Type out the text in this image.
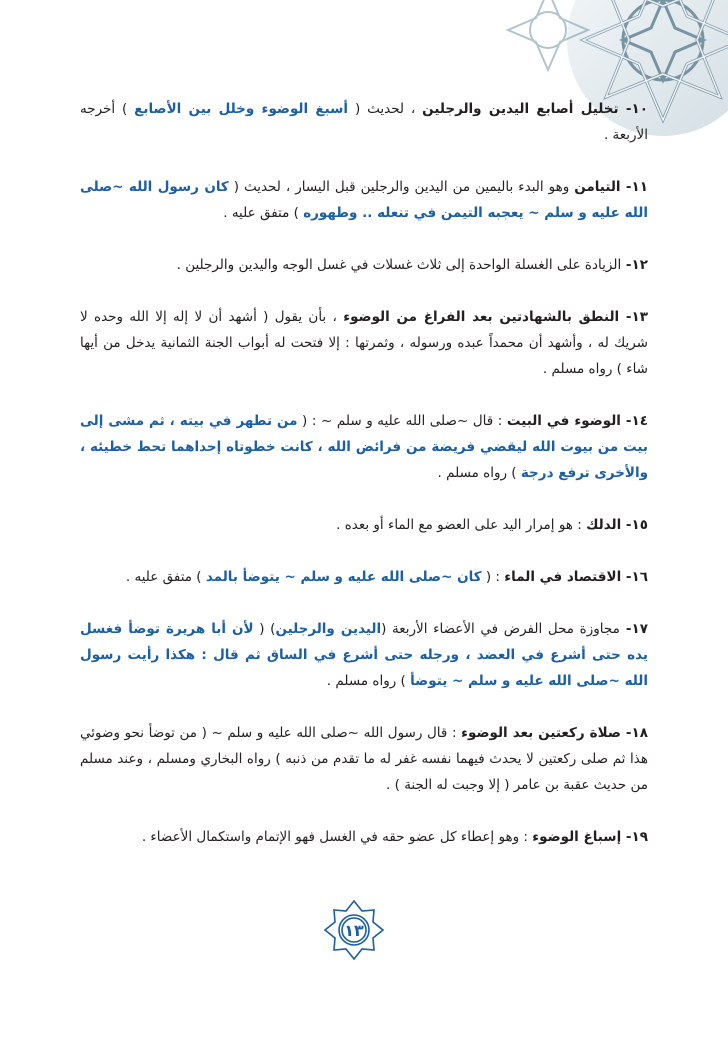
١٠- تخليل أصابع اليدين والرجلين ، لحديث ( أسبغ الوضوء وخلل بين الأصابع ) أخرجه الأربعة .
١١- التيامن وهو البدء باليمين من اليدين والرجلين قبل اليسار ، لحديث ( كان رسول الله ~صلى الله عليه و سلم ~ يعجبه التيمن في تنعله .. وطهوره ) متفق عليه .
١٢- الزيادة على الغسلة الواحدة إلى ثلاث غسلات في غسل الوجه واليدين والرجلين .
١٣- النطق بالشهادتين بعد الفراغ من الوضوء ، بأن يقول ( أشهد أن لا إله إلا الله وحده لا شريك له ، وأشهد أن محمداً عبده ورسوله ، وثمرتها : إلا فتحت له أبواب الجنة الثمانية يدخل من أيها شاء ) رواه مسلم .
١٤- الوضوء في البيت : قال ~صلى الله عليه و سلم ~ : ( من تطهر في بيته ، ثم مشى إلى بيت من بيوت الله ليقضي فريضة من فرائض الله ، كانت خطوتاه إحداهما تحط خطيئه ، والأخرى ترفع درجة ) رواه مسلم .
١٥- الدلك : هو إمرار اليد على العضو مع الماء أو بعده .
١٦- الاقتصاد في الماء : ( كان ~صلى الله عليه و سلم ~ يتوضأ بالمد ) متفق عليه .
١٧- مجاوزة محل الفرض في الأعضاء الأربعة (اليدين والرجلين) ( لأن أبا هريرة توضأ فغسل يده حتى أشرع في العضد ، ورجله حتى أشرع في الساق ثم قال : هكذا رأيت رسول الله ~صلى الله عليه و سلم ~ يتوضأ ) رواه مسلم .
١٨- صلاة ركعتين بعد الوضوء : قال رسول الله ~صلى الله عليه و سلم ~ ( من توضأ نحو وضوئي هذا ثم صلى ركعتين لا يحدث فيهما نفسه غفر له ما تقدم من ذنبه ) رواه البخاري ومسلم ، وعند مسلم من حديث عقبة بن عامر ( إلا وجبت له الجنة ) .
١٩- إسباغ الوضوء : وهو إعطاء كل عضو حقه في الغسل فهو الإتمام واستكمال الأعضاء .
١٣
